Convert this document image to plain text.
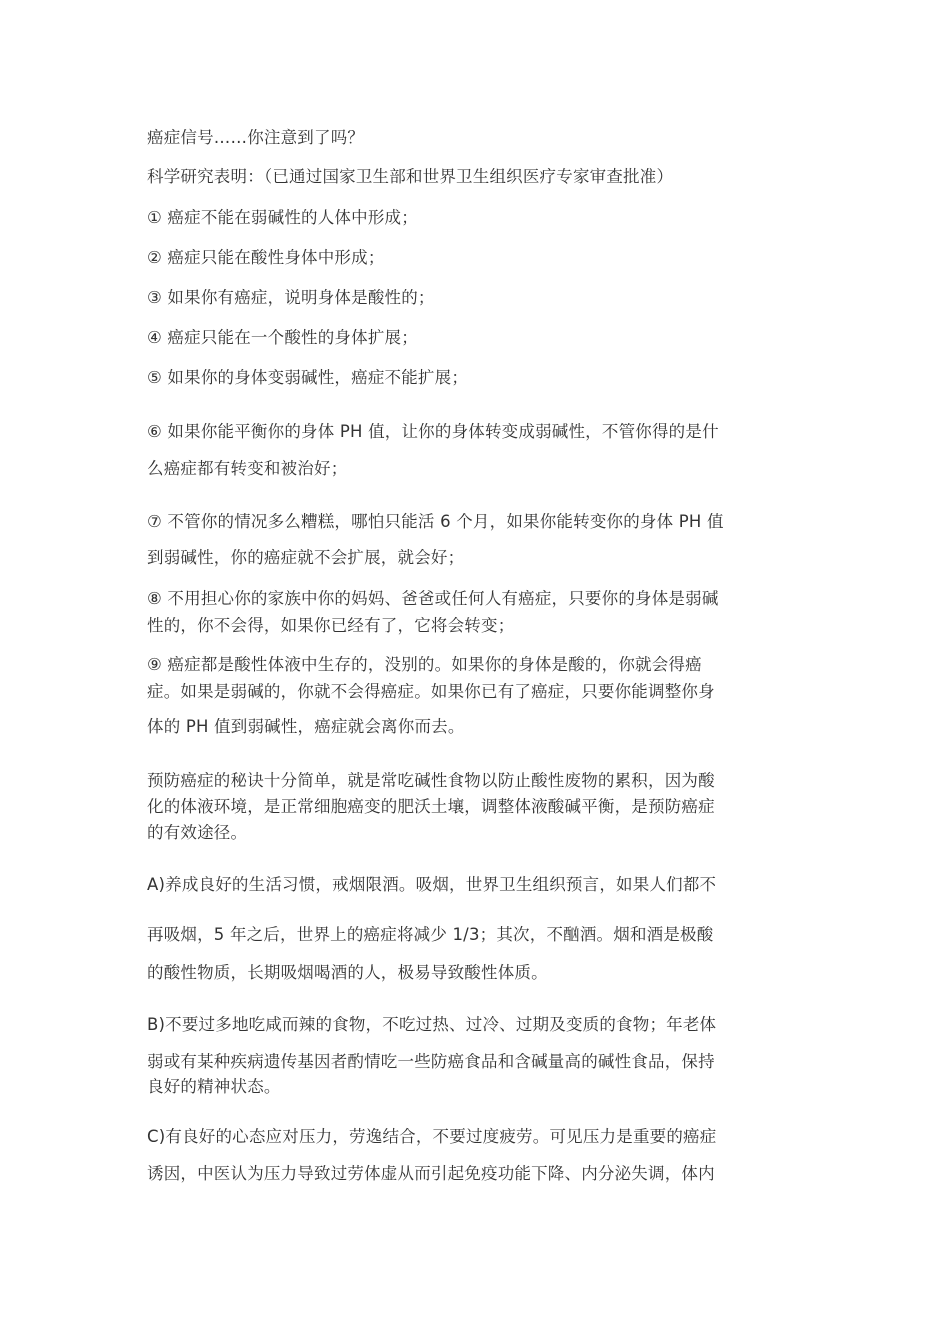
癌症信号……你注意到了吗？
科学研究表明：（已通过国家卫生部和世界卫生组织医疗专家审查批准）
① 癌症不能在弱碱性的人体中形成；
② 癌症只能在酸性身体中形成；
③ 如果你有癌症，说明身体是酸性的；
④ 癌症只能在一个酸性的身体扩展；
⑤ 如果你的身体变弱碱性，癌症不能扩展；
⑥ 如果你能平衡你的身体 PH 值，让你的身体转变成弱碱性，不管你得的是什
么癌症都有转变和被治好；
⑦ 不管你的情况多么糟糕，哪怕只能活 6 个月，如果你能转变你的身体 PH 值
到弱碱性，你的癌症就不会扩展，就会好；
⑧ 不用担心你的家族中你的妈妈、爸爸或任何人有癌症，只要你的身体是弱碱
性的，你不会得，如果你已经有了，它将会转变；
⑨ 癌症都是酸性体液中生存的，没别的。如果你的身体是酸的，你就会得癌
症。如果是弱碱的，你就不会得癌症。如果你已有了癌症，只要你能调整你身
体的 PH 值到弱碱性，癌症就会离你而去。
预防癌症的秘诀十分简单，就是常吃碱性食物以防止酸性废物的累积，因为酸
化的体液环境，是正常细胞癌变的肥沃土壤，调整体液酸碱平衡，是预防癌症
的有效途径。
A)养成良好的生活习惯，戒烟限酒。吸烟，世界卫生组织预言，如果人们都不
再吸烟，5 年之后，世界上的癌症将减少 1/3；其次，不酗酒。烟和酒是极酸
的酸性物质，长期吸烟喝酒的人，极易导致酸性体质。
B)不要过多地吃咸而辣的食物，不吃过热、过冷、过期及变质的食物；年老体
弱或有某种疾病遗传基因者酌情吃一些防癌食品和含碱量高的碱性食品，保持
良好的精神状态。
C)有良好的心态应对压力，劳逸结合，不要过度疲劳。可见压力是重要的癌症
诱因，中医认为压力导致过劳体虚从而引起免疫功能下降、内分泌失调，体内
